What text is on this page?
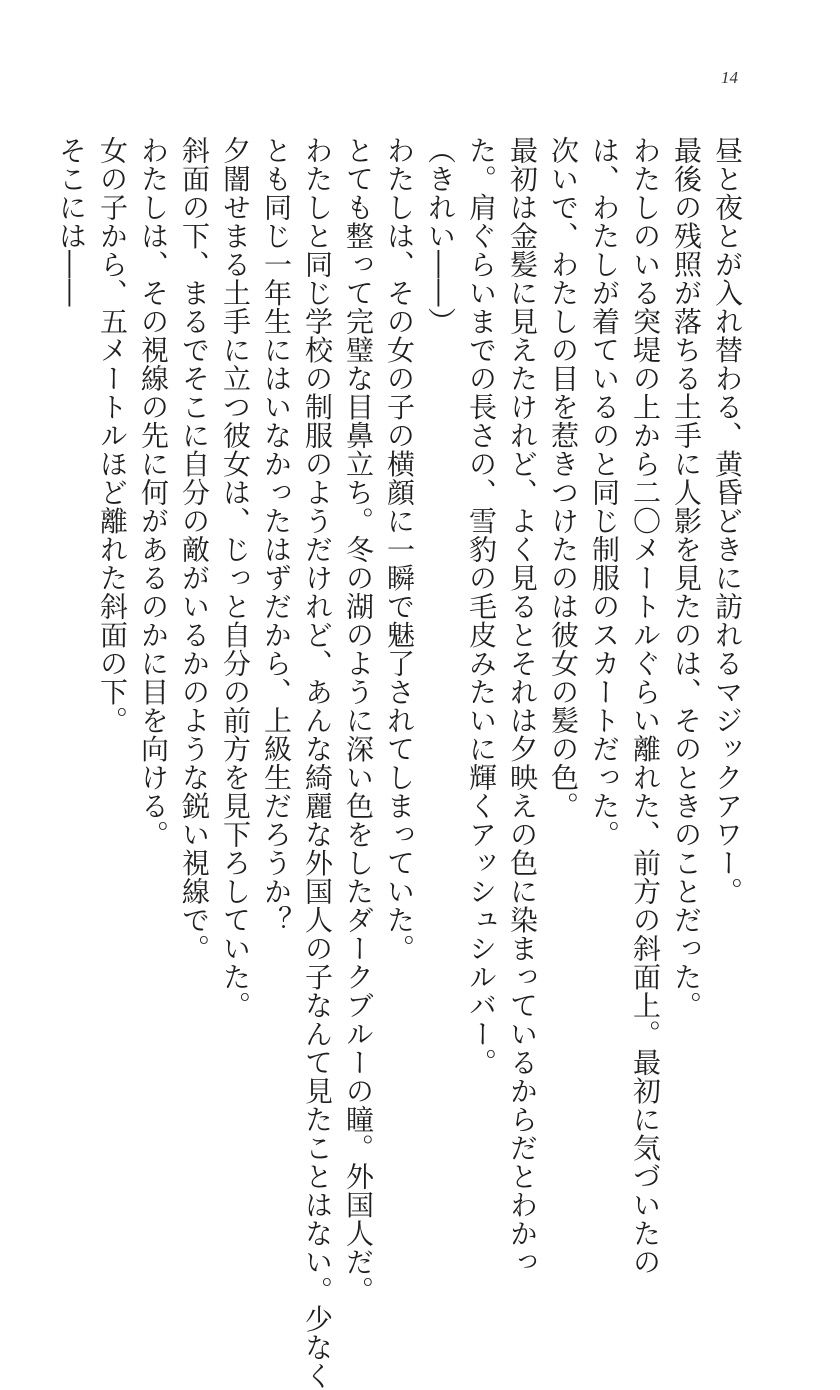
14

昼と夜とが入れ替わる、黄昏どきに訪れるマジックアワー。

最後の残照が落ちる土手に人影を見たのは、そのときのことだった。

わたしのいる突堤の上から二〇メートルぐらい離れた、前方の斜面上。最初に気づいたの

は、わたしが着ているのと同じ制服のスカートだった。

次いで、わたしの目を惹きつけたのは彼女の髪の色。

最初は金髪に見えたけれど、よく見るとそれは夕映えの色に染まっているからだとわかっ

た。肩ぐらいまでの長さの、雪豹の毛皮みたいに輝くアッシュシルバー。

（きれい――）

わたしは、その女の子の横顔に一瞬で魅了されてしまっていた。

とても整って完璧な目鼻立ち。冬の湖のように深い色をしたダークブルーの瞳。外国人だ。

わたしと同じ学校の制服のようだけれど、あんな綺麗な外国人の子なんて見たことはない。少なく

とも同じ一年生にはいなかったはずだから、上級生だろうか？

夕闇せまる土手に立つ彼女は、じっと自分の前方を見下ろしていた。

斜面の下、まるでそこに自分の敵がいるかのような鋭い視線で。

わたしは、その視線の先に何があるのかに目を向ける。

女の子から、五メートルほど離れた斜面の下。

そこには――
